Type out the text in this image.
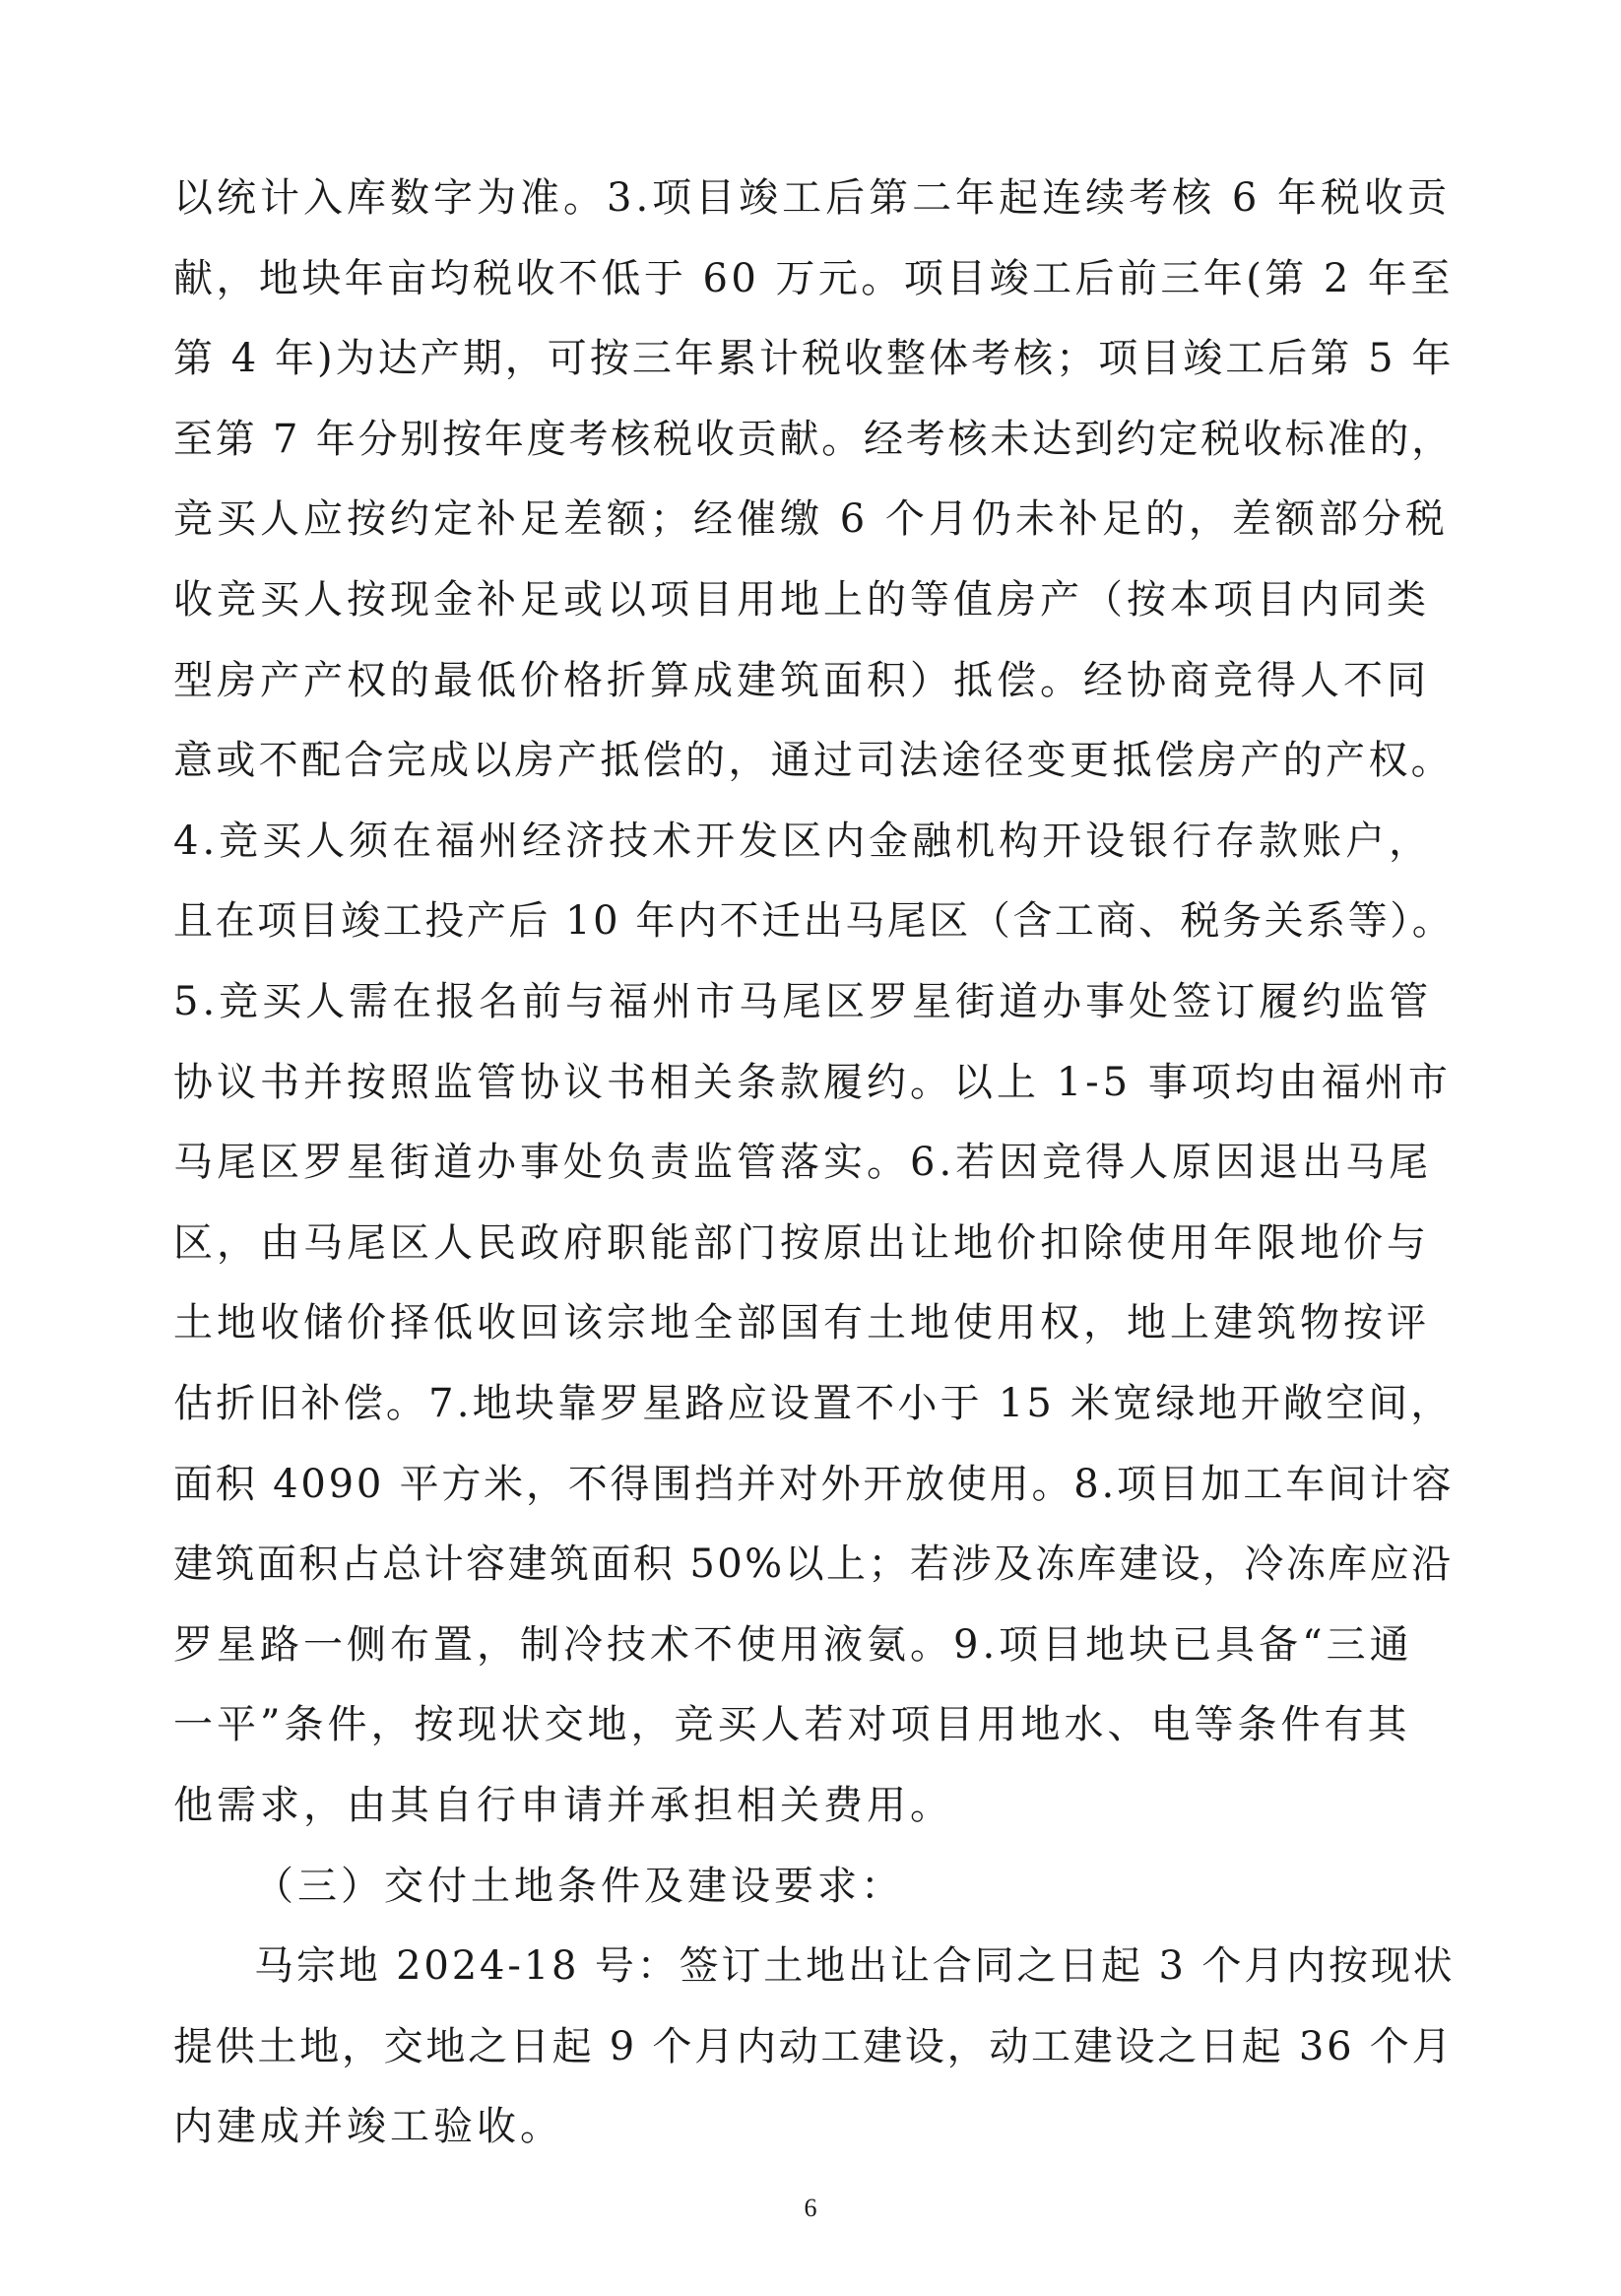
以统计入库数字为准。3.项目竣工后第二年起连续考核 6 年税收贡
献，地块年亩均税收不低于 60 万元。项目竣工后前三年(第 2 年至
第 4 年)为达产期，可按三年累计税收整体考核；项目竣工后第 5 年
至第 7 年分别按年度考核税收贡献。经考核未达到约定税收标准的，
竞买人应按约定补足差额；经催缴 6 个月仍未补足的，差额部分税
收竞买人按现金补足或以项目用地上的等值房产（按本项目内同类
型房产产权的最低价格折算成建筑面积）抵偿。经协商竞得人不同
意或不配合完成以房产抵偿的，通过司法途径变更抵偿房产的产权。
4.竞买人须在福州经济技术开发区内金融机构开设银行存款账户，
且在项目竣工投产后 10 年内不迁出马尾区（含工商、税务关系等）。
5.竞买人需在报名前与福州市马尾区罗星街道办事处签订履约监管
协议书并按照监管协议书相关条款履约。以上 1-5 事项均由福州市
马尾区罗星街道办事处负责监管落实。6.若因竞得人原因退出马尾
区，由马尾区人民政府职能部门按原出让地价扣除使用年限地价与
土地收储价择低收回该宗地全部国有土地使用权，地上建筑物按评
估折旧补偿。7.地块靠罗星路应设置不小于 15 米宽绿地开敞空间，
面积 4090 平方米，不得围挡并对外开放使用。8.项目加工车间计容
建筑面积占总计容建筑面积 50%以上；若涉及冻库建设，冷冻库应沿
罗星路一侧布置，制冷技术不使用液氨。9.项目地块已具备“三通
一平”条件，按现状交地，竞买人若对项目用地水、电等条件有其
他需求，由其自行申请并承担相关费用。
（三）交付土地条件及建设要求：
马宗地 2024-18 号：签订土地出让合同之日起 3 个月内按现状
提供土地，交地之日起 9 个月内动工建设，动工建设之日起 36 个月
内建成并竣工验收。
6
